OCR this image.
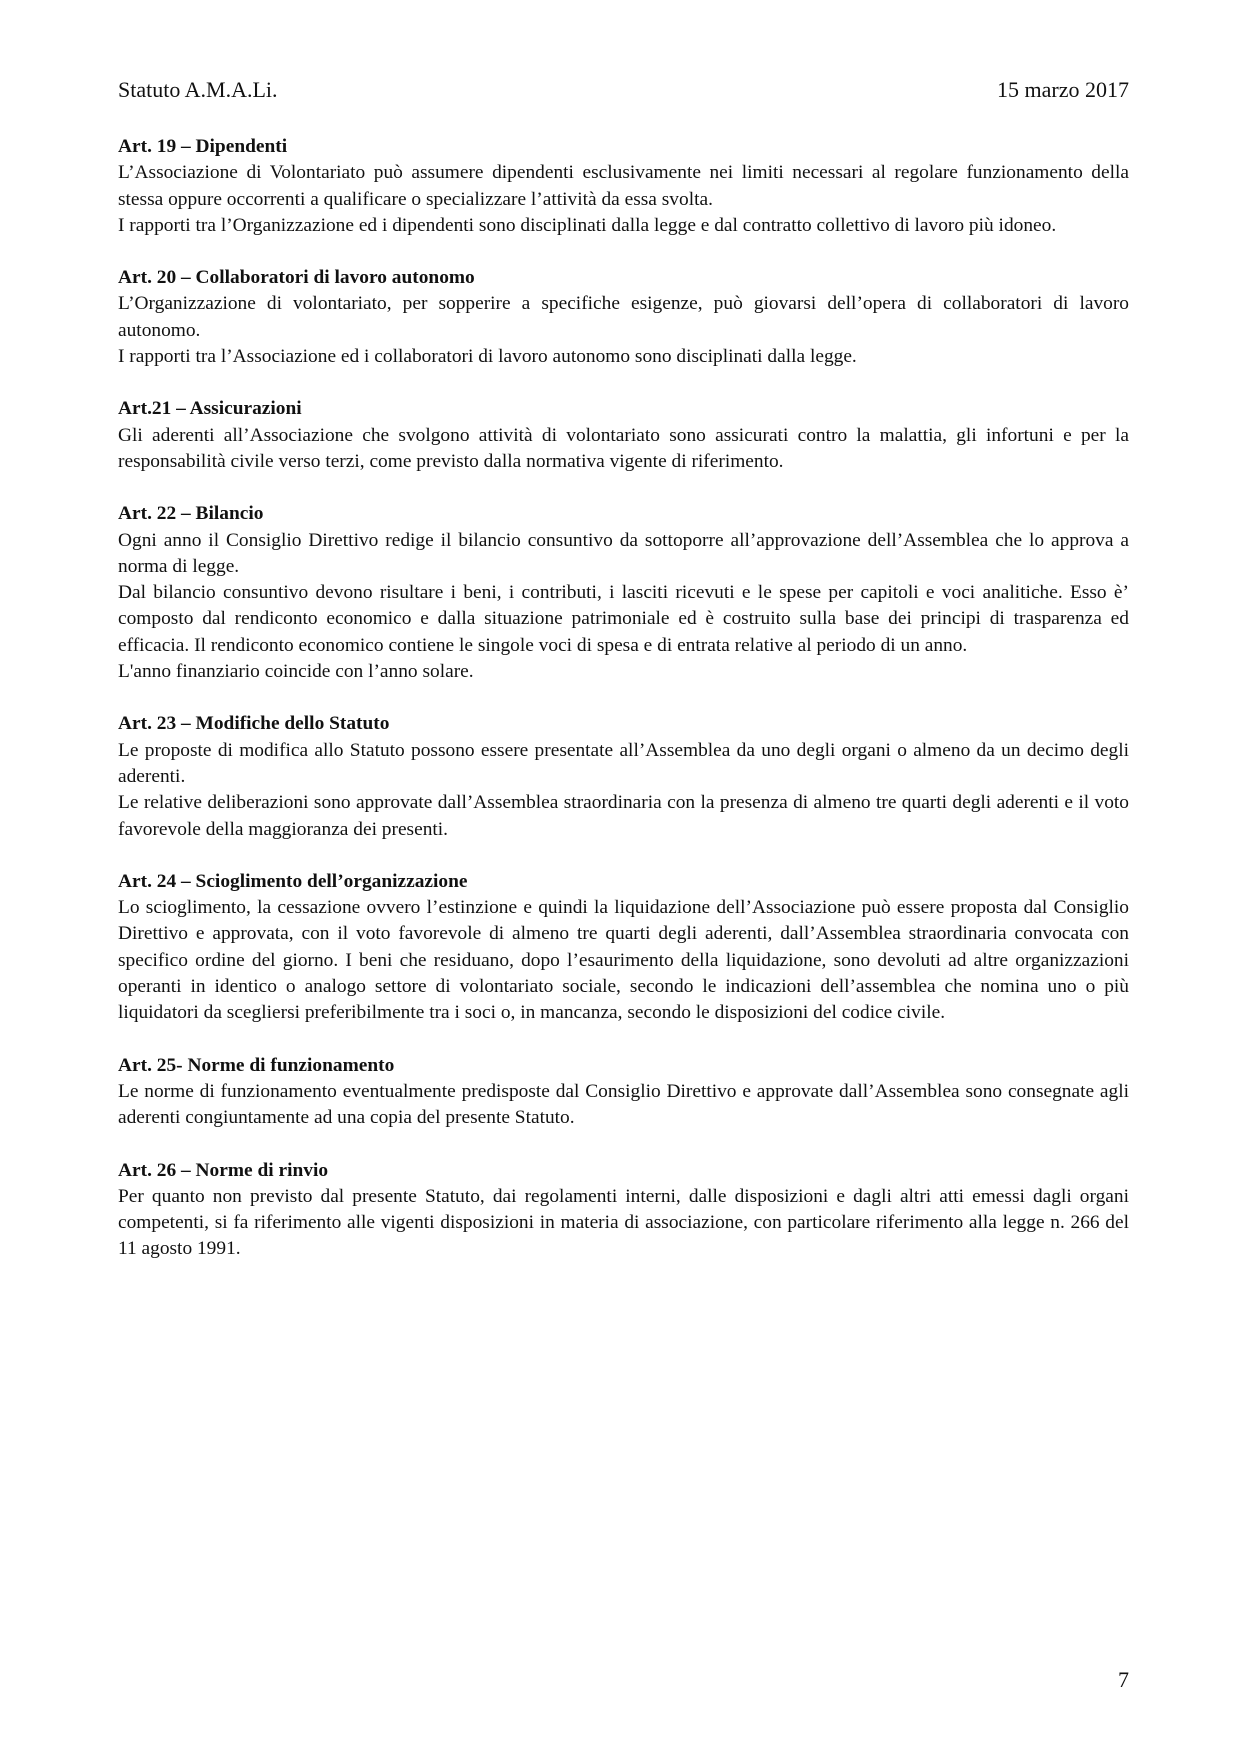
Statuto A.M.A.Li.	15 marzo 2017

Art. 19 – Dipendenti

L’Associazione di Volontariato può assumere dipendenti esclusivamente nei limiti necessari al regolare funzionamento della stessa oppure occorrenti a qualificare o specializzare l’attività da essa svolta.

I rapporti tra l’Organizzazione ed i dipendenti sono disciplinati dalla legge e dal contratto collettivo di lavoro più idoneo.

Art. 20 – Collaboratori di lavoro autonomo

L’Organizzazione di volontariato, per sopperire a specifiche esigenze, può giovarsi dell’opera di collaboratori di lavoro autonomo.

I rapporti tra l’Associazione ed i collaboratori di lavoro autonomo sono disciplinati dalla legge.

Art.21 – Assicurazioni

Gli aderenti all’Associazione che svolgono attività di volontariato sono assicurati contro la malattia, gli infortuni e per la responsabilità civile verso terzi, come previsto dalla normativa vigente di riferimento.

Art. 22 – Bilancio

Ogni anno il Consiglio Direttivo redige il bilancio consuntivo da sottoporre all’approvazione dell’Assemblea che lo approva a norma di legge.

Dal bilancio consuntivo devono risultare i beni, i contributi, i lasciti ricevuti e le spese per capitoli e voci analitiche. Esso è’ composto dal rendiconto economico e dalla situazione patrimoniale ed è costruito sulla base dei principi di trasparenza ed efficacia. Il rendiconto economico contiene le singole voci di spesa e di entrata relative al periodo di un anno.

L'anno finanziario coincide con l’anno solare.

Art. 23 – Modifiche dello Statuto

Le proposte di modifica allo Statuto possono essere presentate all’Assemblea da uno degli organi o almeno da un decimo degli aderenti.

Le relative deliberazioni sono approvate dall’Assemblea straordinaria con la presenza di almeno tre quarti degli aderenti e il voto favorevole della maggioranza dei presenti.

Art. 24 – Scioglimento dell’organizzazione

Lo scioglimento, la cessazione ovvero l’estinzione e quindi la liquidazione dell’Associazione può essere proposta dal Consiglio Direttivo e approvata, con il voto favorevole di almeno tre quarti degli aderenti, dall’Assemblea straordinaria convocata con specifico ordine del giorno. I beni che residuano, dopo l’esaurimento della liquidazione, sono devoluti ad altre organizzazioni operanti in identico o analogo settore di volontariato sociale, secondo le indicazioni dell’assemblea che nomina uno o più liquidatori da scegliersi preferibilmente tra i soci o, in mancanza, secondo le disposizioni del codice civile.

Art. 25- Norme di funzionamento

Le norme di funzionamento eventualmente predisposte dal Consiglio Direttivo e approvate dall’Assemblea sono consegnate agli aderenti congiuntamente ad una copia del presente Statuto.

Art. 26 – Norme di rinvio

Per quanto non previsto dal presente Statuto, dai regolamenti interni, dalle disposizioni e dagli altri atti emessi dagli organi competenti, si fa riferimento alle vigenti disposizioni in materia di associazione, con particolare riferimento alla legge n. 266 del 11 agosto 1991.

7
